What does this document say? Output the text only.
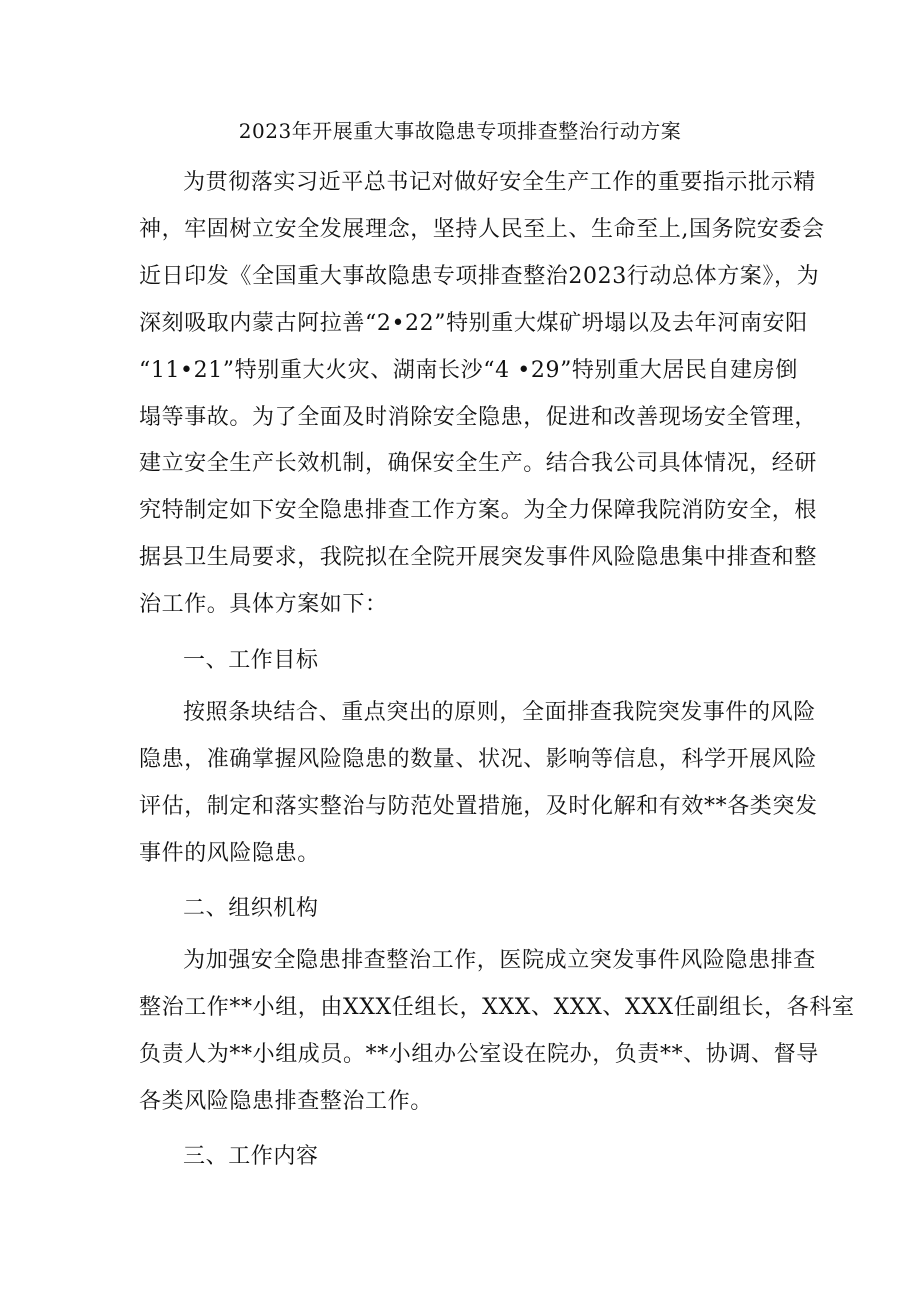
2023年开展重大事故隐患专项排查整治行动方案
为贯彻落实习近平总书记对做好安全生产工作的重要指示批示精
神，牢固树立安全发展理念，坚持人民至上、生命至上,国务院安委会
近日印发《全国重大事故隐患专项排查整治2023行动总体方案》，为
深刻吸取内蒙古阿拉善“2•22”特别重大煤矿坍塌以及去年河南安阳
“11•21”特别重大火灾、湖南长沙“4 •29”特别重大居民自建房倒
塌等事故。为了全面及时消除安全隐患，促进和改善现场安全管理，
建立安全生产长效机制，确保安全生产。结合我公司具体情况，经研
究特制定如下安全隐患排查工作方案。为全力保障我院消防安全，根
据县卫生局要求，我院拟在全院开展突发事件风险隐患集中排查和整
治工作。具体方案如下：
一、工作目标
按照条块结合、重点突出的原则，全面排查我院突发事件的风险
隐患，准确掌握风险隐患的数量、状况、影响等信息，科学开展风险
评估，制定和落实整治与防范处置措施，及时化解和有效**各类突发
事件的风险隐患。
二、组织机构
为加强安全隐患排查整治工作，医院成立突发事件风险隐患排查
整治工作**小组，由XXX任组长，XXX、XXX、XXX任副组长，各科室
负责人为**小组成员。**小组办公室设在院办，负责**、协调、督导
各类风险隐患排查整治工作。
三、工作内容
